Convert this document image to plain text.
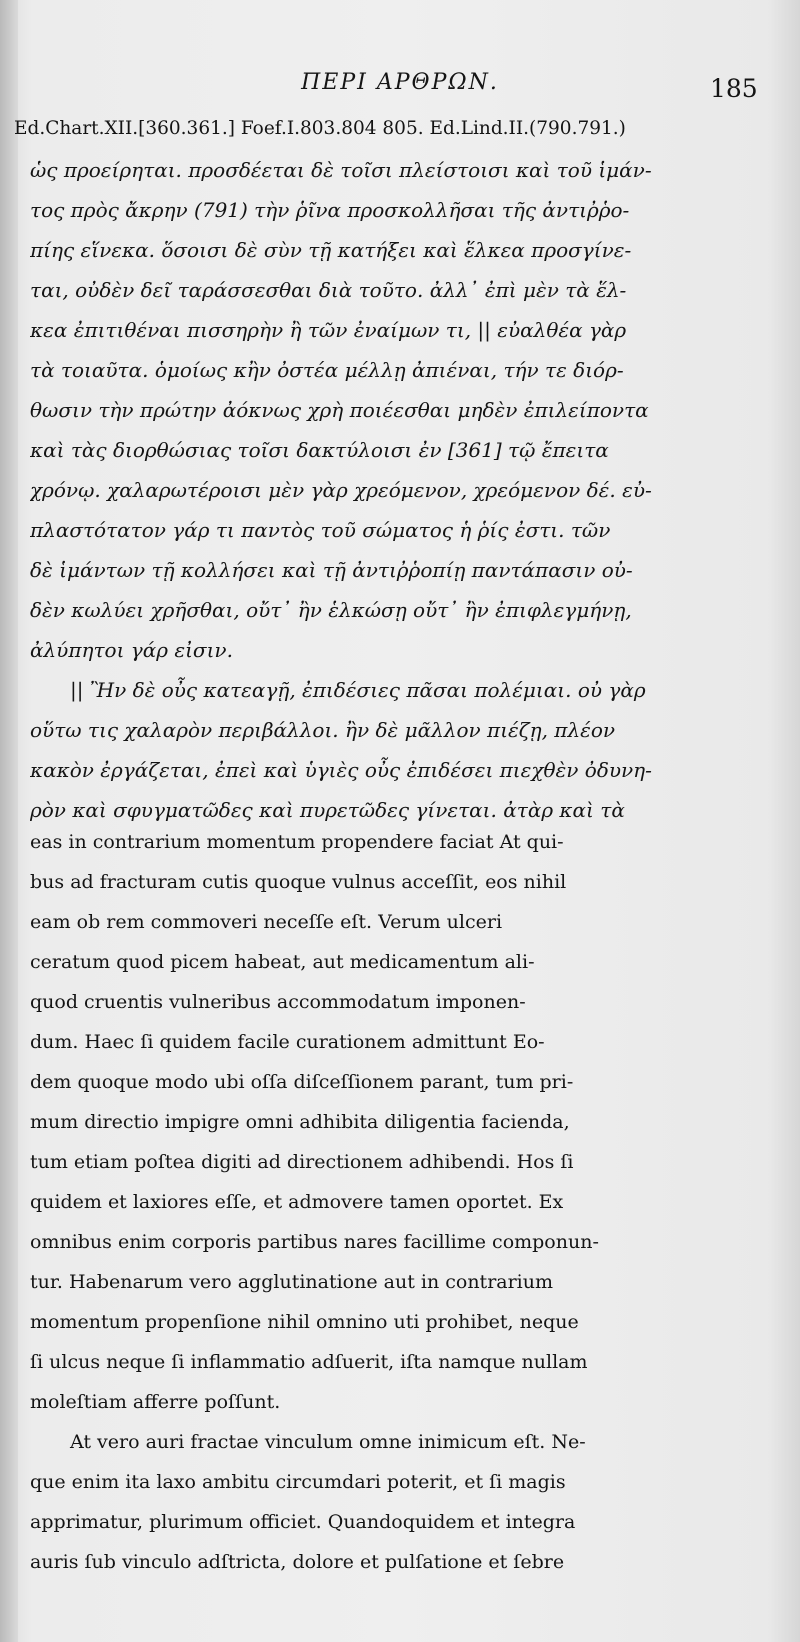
ΠΕΡΙ ΑΡΘΡΩΝ.	185
Ed.Chart.XII.[360.361.] Foef.I.803.804 805. Ed.Lind.II.(790.791.)
ὡς προείρηται. προσδέεται δὲ τοῖσι πλείστοισι καὶ τοῦ ἱμάν-
τος πρὸς ἄκρην (791) τὴν ῥῖνα προσκολλῆσαι τῆς ἀντιῤῥο-
πίης εἵνεκα. ὅσοισι δὲ σὺν τῇ κατήξει καὶ ἕλκεα προσγίνε-
ται, οὐδὲν δεῖ ταράσσεσθαι διὰ τοῦτο. ἀλλ᾽ ἐπὶ μὲν τὰ ἕλ-
κεα ἐπιτιθέναι πισσηρὴν ἢ τῶν ἐναίμων τι, || εὐαλθέα γὰρ
τὰ τοιαῦτα. ὁμοίως κἢν ὀστέα μέλλῃ ἀπιέναι, τήν τε διόρ-
θωσιν τὴν πρώτην ἀόκνως χρὴ ποιέεσθαι μηδὲν ἐπιλείποντα
καὶ τὰς διορθώσιας τοῖσι δακτύλοισι ἐν [361] τῷ ἔπειτα
χρόνῳ. χαλαρωτέροισι μὲν γὰρ χρεόμενον, χρεόμενον δέ. εὐ-
πλαστότατον γάρ τι παντὸς τοῦ σώματος ἡ ῥίς ἐστι. τῶν
δὲ ἱμάντων τῇ κολλήσει καὶ τῇ ἀντιῤῥοπίῃ παντάπασιν οὐ-
δὲν κωλύει χρῆσθαι, οὔτ᾽ ἢν ἑλκώσῃ οὔτ᾽ ἢν ἐπιφλεγμήνῃ,
ἀλύπητοι γάρ εἰσιν.
|| Ἢν δὲ οὖς κατεαγῇ, ἐπιδέσιες πᾶσαι πολέμιαι. οὐ γὰρ
οὕτω τις χαλαρὸν περιβάλλοι. ἢν δὲ μᾶλλον πιέζῃ, πλέον
κακὸν ἐργάζεται, ἐπεὶ καὶ ὑγιὲς οὖς ἐπιδέσει πιεχθὲν ὀδυνη-
ρὸν καὶ σφυγματῶδες καὶ πυρετῶδες γίνεται. ἀτὰρ καὶ τὰ
eas in contrarium momentum propendere faciat At qui-
bus ad fracturam cutis quoque vulnus acceſſit, eos nihil
eam ob rem commoveri neceſſe eſt. Verum ulceri
ceratum quod picem habeat, aut medicamentum ali-
quod cruentis vulneribus accommodatum imponen-
dum. Haec ſi quidem facile curationem admittunt Eo-
dem quoque modo ubi oſſa diſceſſionem parant, tum pri-
mum directio impigre omni adhibita diligentia facienda,
tum etiam poſtea digiti ad directionem adhibendi. Hos ſi
quidem et laxiores eſſe, et admovere tamen oportet. Ex
omnibus enim corporis partibus nares facillime componun-
tur. Habenarum vero agglutinatione aut in contrarium
momentum propenſione nihil omnino uti prohibet, neque
ſi ulcus neque ſi inflammatio adſuerit, iſta namque nullam
moleſtiam afferre poſſunt.
At vero auri fractae vinculum omne inimicum eſt. Ne-
que enim ita laxo ambitu circumdari poterit, et ſi magis
apprimatur, plurimum officiet. Quandoquidem et integra
auris ſub vinculo adſtricta, dolore et pulſatione et ſebre
